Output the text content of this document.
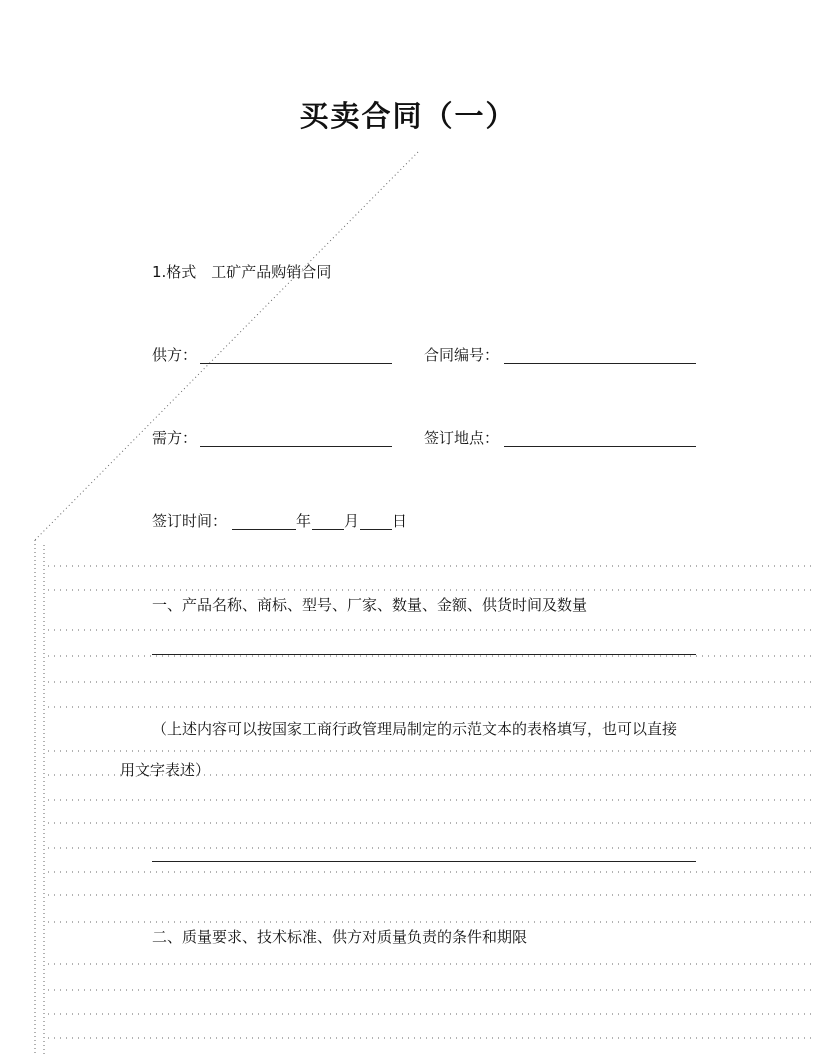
买卖合同（一）
1.格式　工矿产品购销合同
供方：	合同编号：
需方：	签订地点：
签订时间：	年 月 日
一、产品名称、商标、型号、厂家、数量、金额、供货时间及数量
（上述内容可以按国家工商行政管理局制定的示范文本的表格填写，也可以直接
用文字表述）
二、质量要求、技术标准、供方对质量负责的条件和期限
